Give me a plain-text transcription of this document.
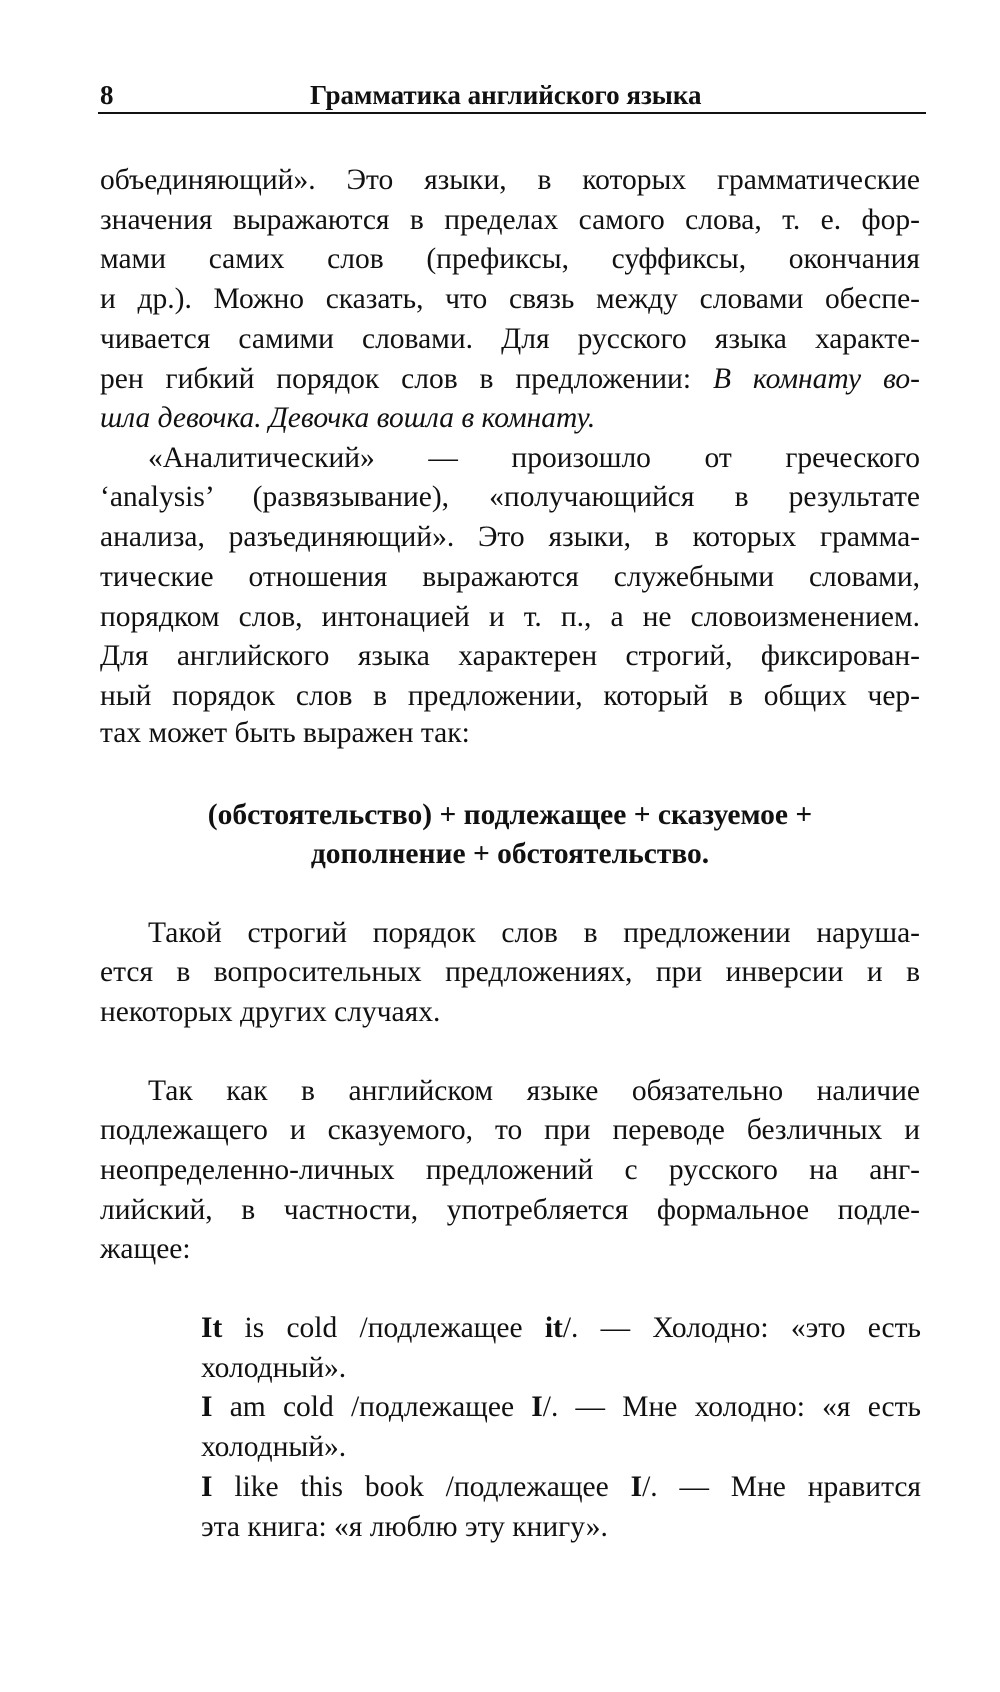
8	Грамматика английского языка
объединяющий». Это языки, в которых грамматические
значения выражаются в пределах самого слова, т. е. фор-
мами самих слов (префиксы, суффиксы, окончания
и др.). Можно сказать, что связь между словами обеспе-
чивается самими словами. Для русского языка характе-
рен гибкий порядок слов в предложении: В комнату во-
шла девочка. Девочка вошла в комнату.
«Аналитический» — произошло от греческого
‘analysis’ (развязывание), «получающийся в результате
анализа, разъединяющий». Это языки, в которых грамма-
тические отношения выражаются служебными словами,
порядком слов, интонацией и т. п., а не словоизменением.
Для английского языка характерен строгий, фиксирован-
ный порядок слов в предложении, который в общих чер-
тах может быть выражен так:
(обстоятельство) + подлежащее + сказуемое +
дополнение + обстоятельство.
Такой строгий порядок слов в предложении наруша-
ется в вопросительных предложениях, при инверсии и в
некоторых других случаях.
Так как в английском языке обязательно наличие
подлежащего и сказуемого, то при переводе безличных и
неопределенно-личных предложений с русского на анг-
лийский, в частности, употребляется формальное подле-
жащее:
It is cold /подлежащее it/. — Холодно: «это есть
холодный».
I am cold /подлежащее I/. — Мне холодно: «я есть
холодный».
I like this book /подлежащее I/. — Мне нравится
эта книга: «я люблю эту книгу».
